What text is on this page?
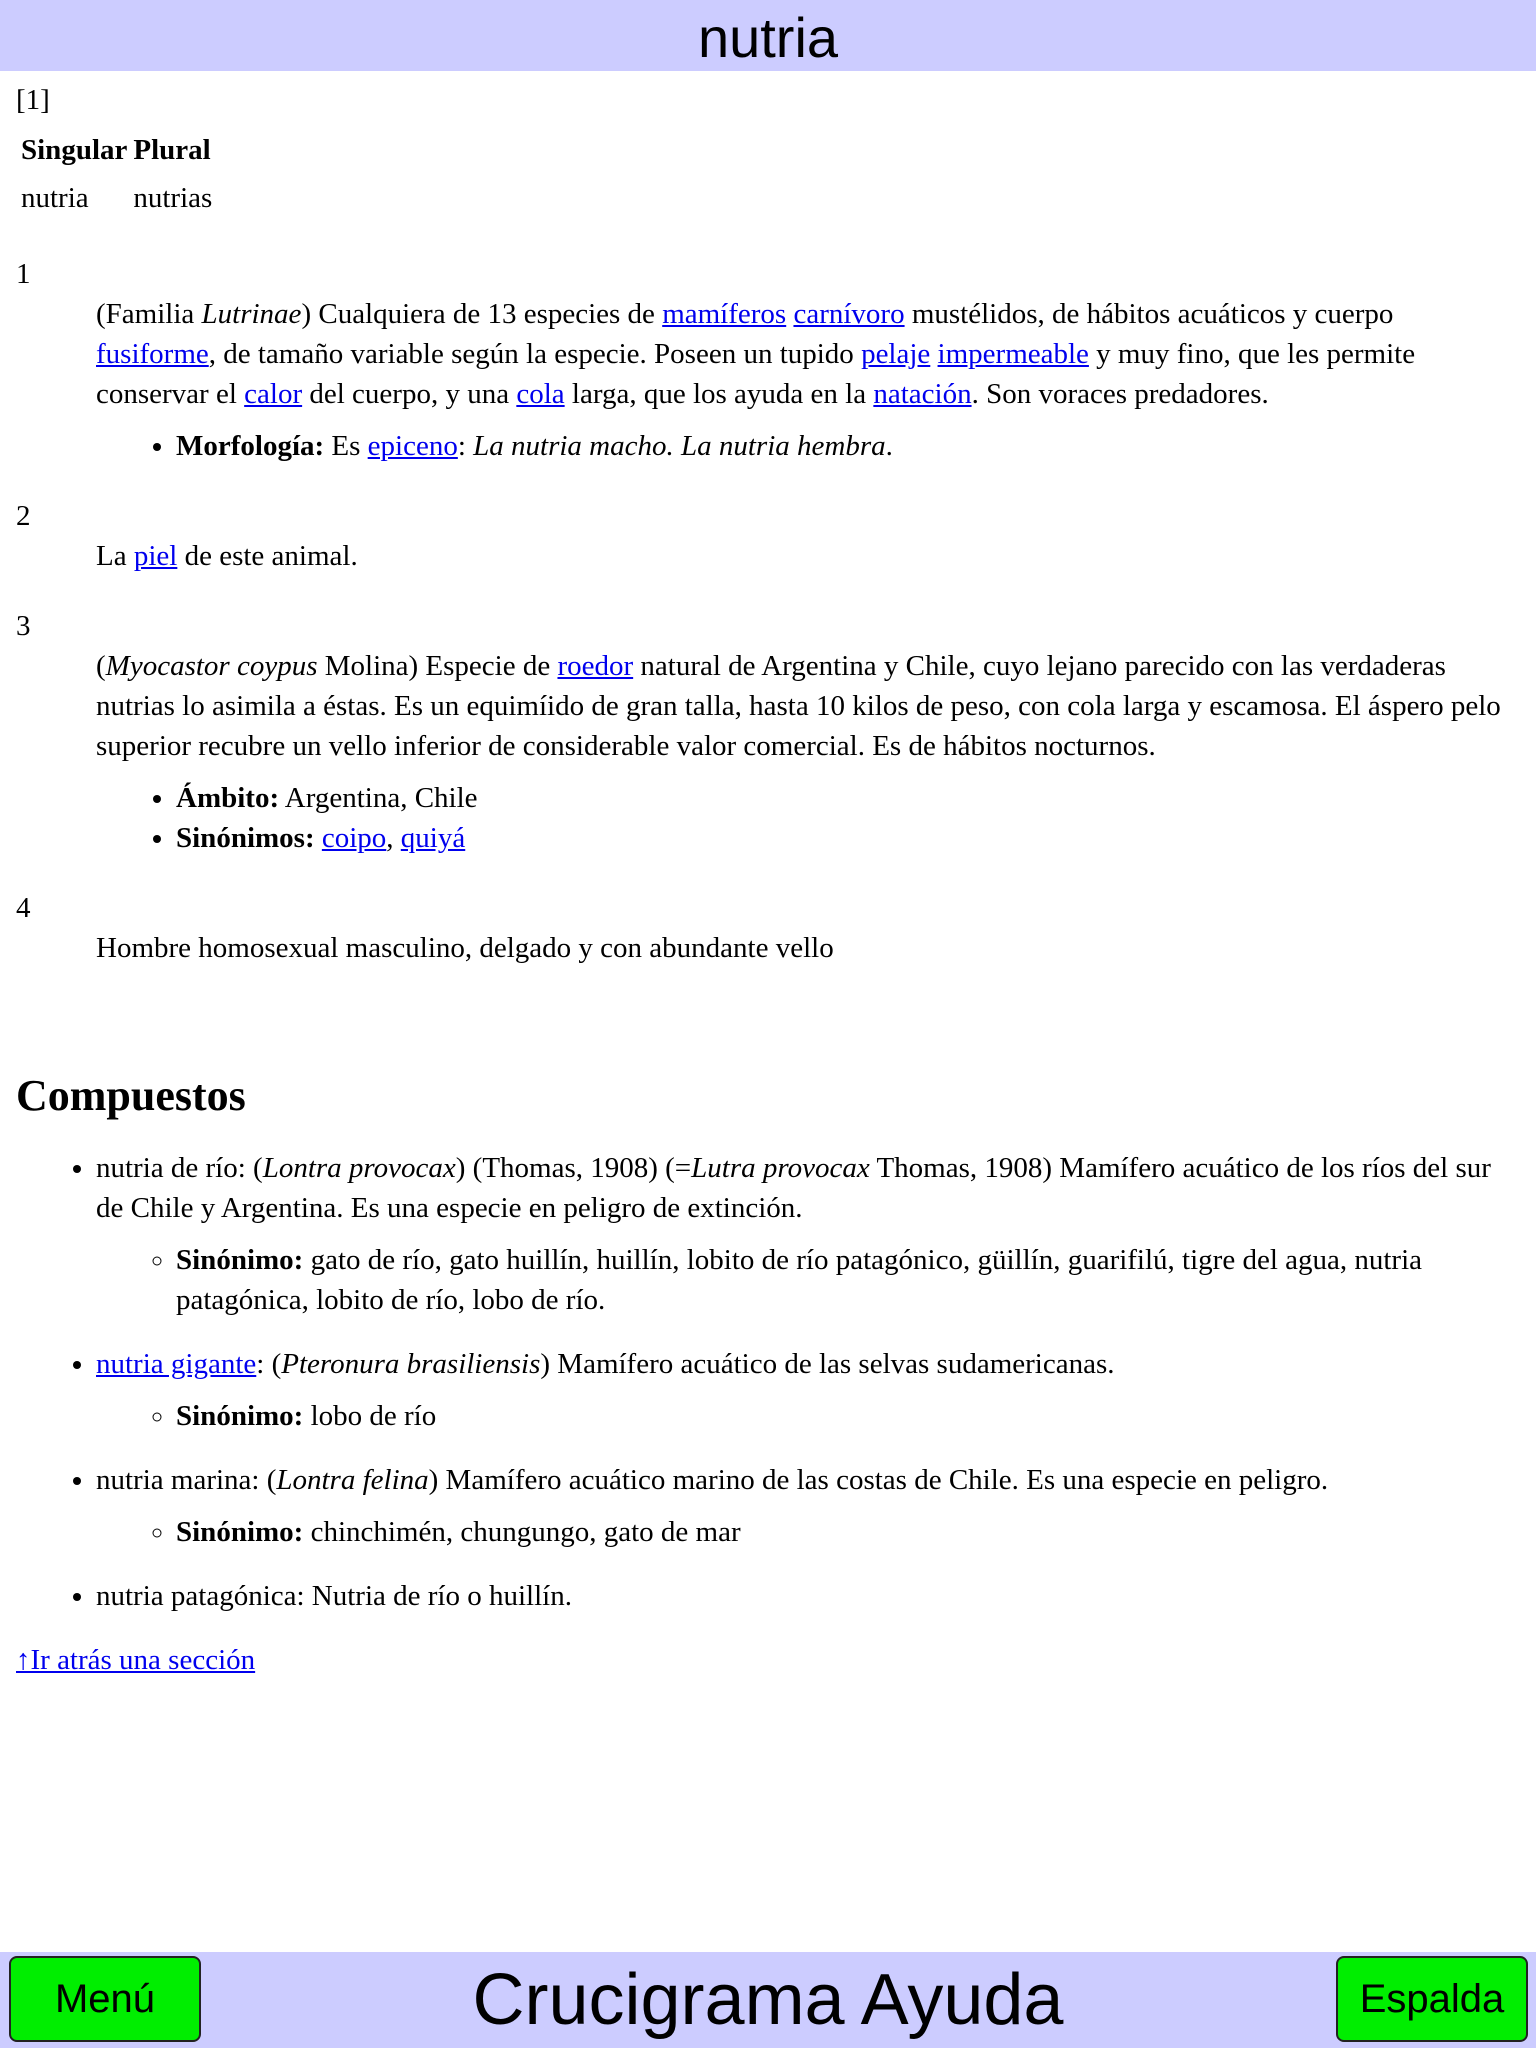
nutria
[1]
Singular	Plural
nutria	nutrias
1

(Familia Lutrinae) Cualquiera de 13 especies de mamíferos carnívoro mustélidos, de hábitos acuáticos y cuerpo fusiforme, de tamaño variable según la especie. Poseen un tupido pelaje impermeable y muy fino, que les permite conservar el calor del cuerpo, y una cola larga, que los ayuda en la natación. Son voraces predadores.

• Morfología: Es epiceno: La nutria macho. La nutria hembra.
2

La piel de este animal.

3

(Myocastor coypus Molina) Especie de roedor natural de Argentina y Chile, cuyo lejano parecido con las verdaderas nutrias lo asimila a éstas. Es un equimíido de gran talla, hasta 10 kilos de peso, con cola larga y escamosa. El áspero pelo superior recubre un vello inferior de considerable valor comercial. Es de hábitos nocturnos.

• Ámbito: Argentina, Chile
• Sinónimos: coipo, quiyá
4

Hombre homosexual masculino, delgado y con abundante vello

Compuestos
• nutria de río: (Lontra provocax) (Thomas, 1908) (=Lutra provocax Thomas, 1908) Mamífero acuático de los ríos del sur de Chile y Argentina. Es una especie en peligro de extinción.
◦ Sinónimo: gato de río, gato huillín, huillín, lobito de río patagónico, güillín, guarifilú, tigre del agua, nutria patagónica, lobito de río, lobo de río.
• nutria gigante: (Pteronura brasiliensis) Mamífero acuático de las selvas sudamericanas.
◦ Sinónimo: lobo de río
• nutria marina: (Lontra felina) Mamífero acuático marino de las costas de Chile. Es una especie en peligro.
◦ Sinónimo: chinchimén, chungungo, gato de mar
• nutria patagónica: Nutria de río o huillín.
↑Ir atrás una sección
Crucigrama Ayuda
Menú	Espalda
